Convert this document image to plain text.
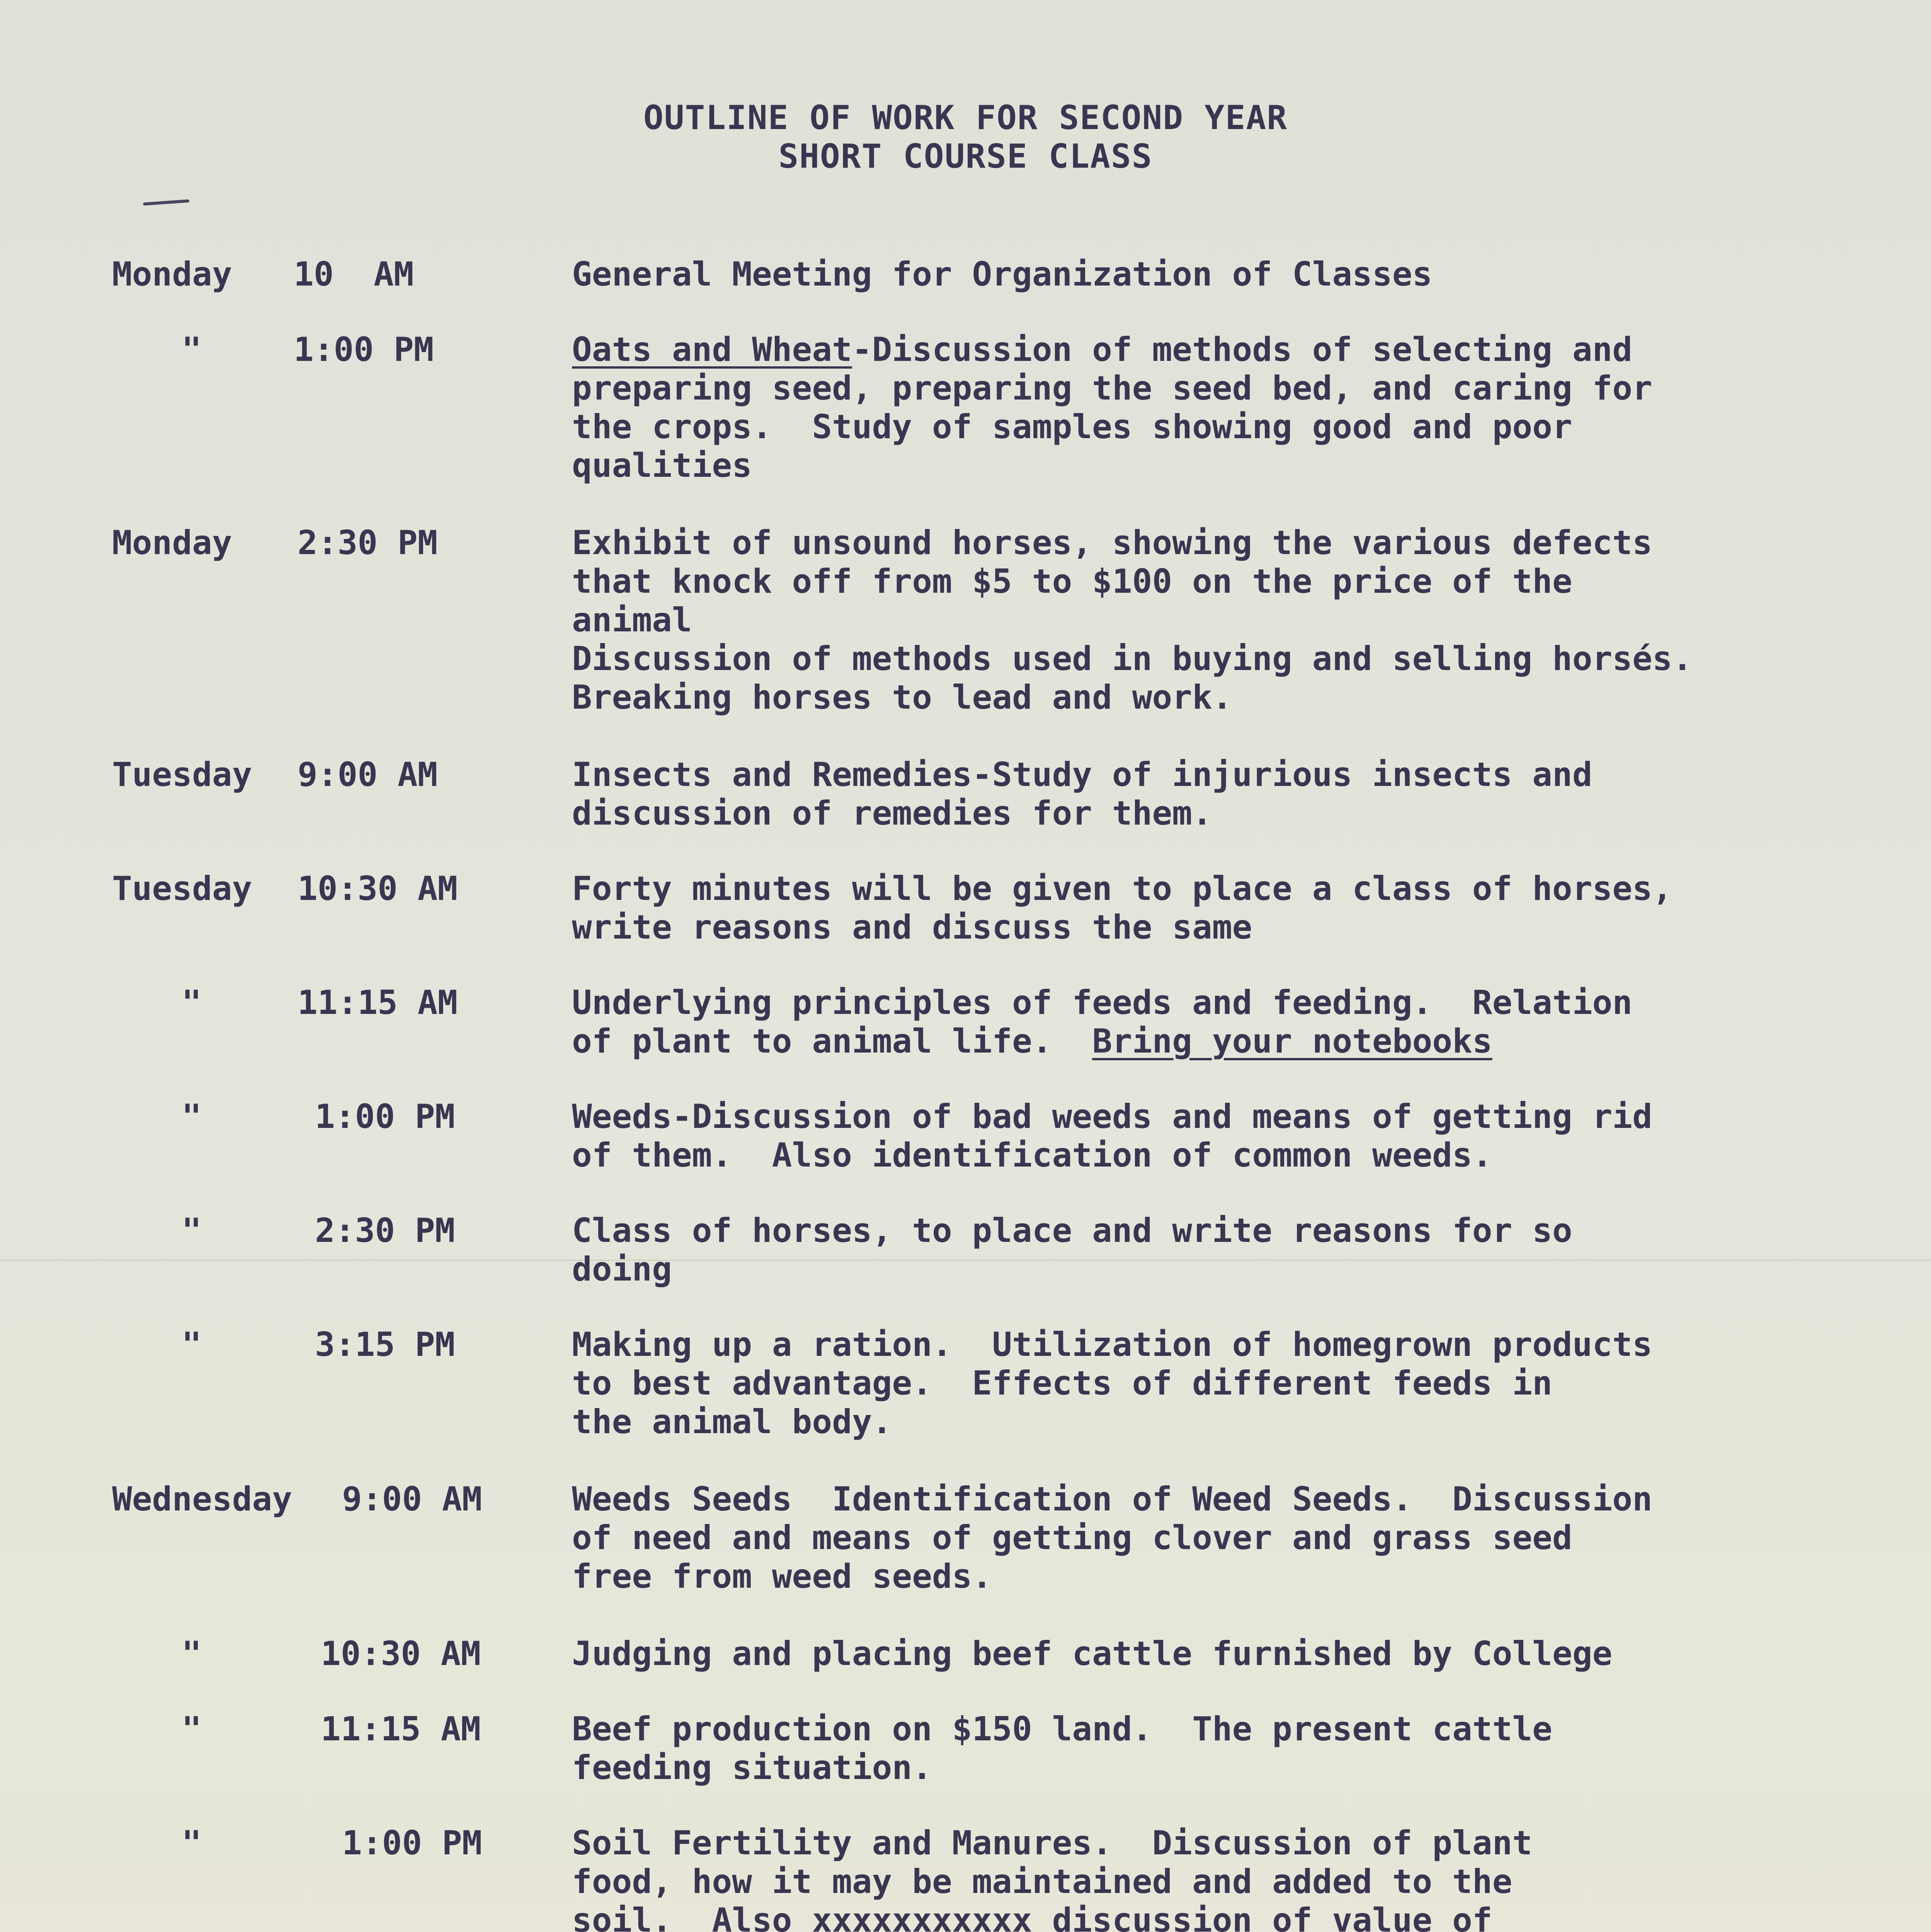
OUTLINE OF WORK FOR SECOND YEAR
SHORT COURSE CLASS
Monday 10  AM	General Meeting for Organization of Classes
"	1:00 PM	Oats and Wheat-Discussion of methods of selecting and
preparing seed, preparing the seed bed, and caring for
the crops.  Study of samples showing good and poor
qualities
Monday 2:30 PM	Exhibit of unsound horses, showing the various defects
that knock off from $5 to $100 on the price of the
animal
Discussion of methods used in buying and selling horsés.
Breaking horses to lead and work.
Tuesday 9:00 AM	Insects and Remedies-Study of injurious insects and
discussion of remedies for them.
Tuesday 10:30 AM	Forty minutes will be given to place a class of horses,
write reasons and discuss the same
"	11:15 AM	Underlying principles of feeds and feeding.  Relation
of plant to animal life.  Bring your notebooks
"	1:00 PM	Weeds-Discussion of bad weeds and means of getting rid
of them.  Also identification of common weeds.
"	2:30 PM	Class of horses, to place and write reasons for so
doing
"	3:15 PM	Making up a ration.  Utilization of homegrown products
to best advantage.  Effects of different feeds in
the animal body.
Wednesday 9:00 AM	Weeds Seeds  Identification of Weed Seeds.  Discussion
of need and means of getting clover and grass seed
free from weed seeds.
"	10:30 AM	Judging and placing beef cattle furnished by College
"	11:15 AM	Beef production on $150 land.  The present cattle
feeding situation.
"	1:00 PM	Soil Fertility and Manures.  Discussion of plant
food, how it may be maintained and added to the
soil.  Also xxxxxxxxxxx discussion of value of
